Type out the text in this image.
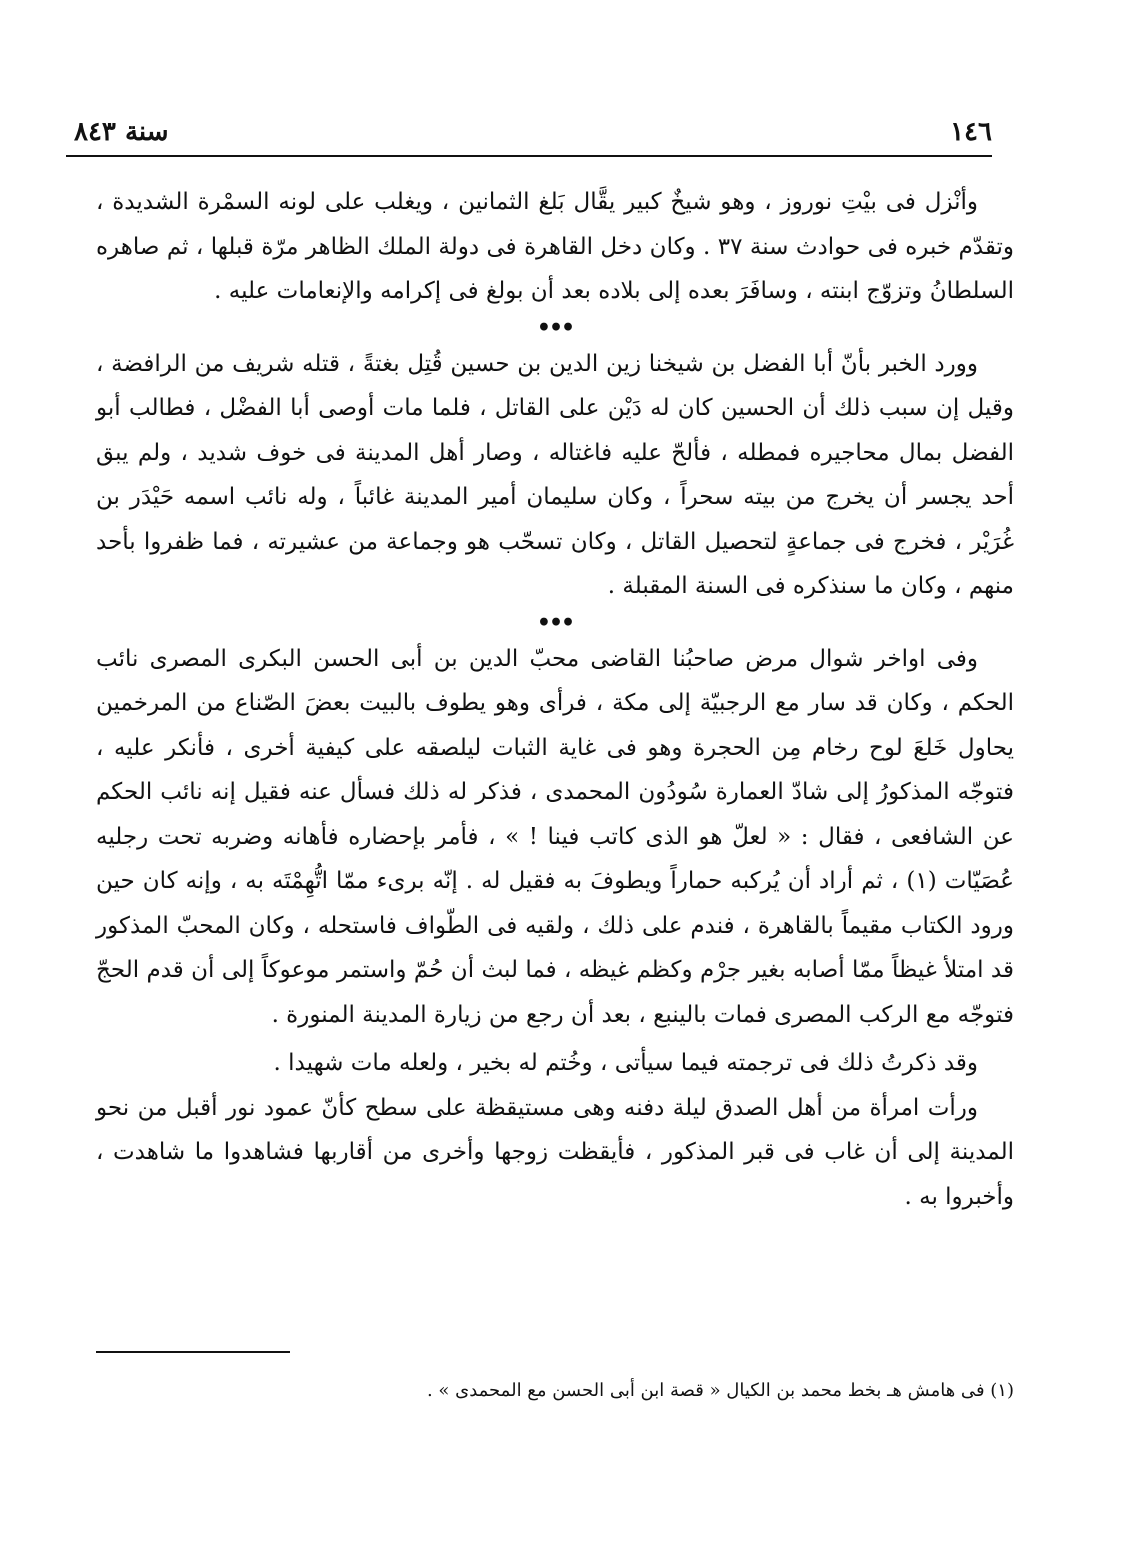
١٤٦
سنة ٨٤٣

وأنْزل فى بيْتِ نوروز ، وهو شيخٌ كبير يقَّال بَلغ الثمانين ، ويغلب على لونه السمْرة الشديدة ، وتقدّم خبره فى حوادث سنة ٣٧ . وكان دخل القاهرة فى دولة الملك الظاهر مرّة قبلها ، ثم صاهره السلطانُ وتزوّج ابنته ، وسافَرَ بعده إلى بلاده بعد أن بولغ فى إكرامه والإنعامات عليه .

•••

وورد الخبر بأنّ أبا الفضل بن شيخنا زين الدين بن حسين قُتِل بغتةً ، قتله شريف من الرافضة ، وقيل إن سبب ذلك أن الحسين كان له دَيْن على القاتل ، فلما مات أوصى أبا الفضْل ، فطالب أبو الفضل بمال محاجيره فمطله ، فألحّ عليه فاغتاله ، وصار أهل المدينة فى خوف شديد ، ولم يبق أحد يجسر أن يخرج من بيته سحراً ، وكان سليمان أمير المدينة غائباً ، وله نائب اسمه حَيْدَر بن غُرَيْر ، فخرج فى جماعةٍ لتحصيل القاتل ، وكان تسحّب هو وجماعة من عشيرته ، فما ظفروا بأحد منهم ، وكان ما سنذكره فى السنة المقبلة .

•••

وفى اواخر شوال مرض صاحبُنا القاضى محبّ الدين بن أبى الحسن البكرى المصرى نائب الحكم ، وكان قد سار مع الرجبيّة إلى مكة ، فرأى وهو يطوف بالبيت بعضَ الصّناع من المرخمين يحاول خَلعَ لوح رخام مِن الحجرة وهو فى غاية الثبات ليلصقه على كيفية أخرى ، فأنكر عليه ، فتوجّه المذكورُ إلى شادّ العمارة سُودُون المحمدى ، فذكر له ذلك فسأل عنه فقيل إنه نائب الحكم عن الشافعى ، فقال : « لعلّ هو الذى كاتب فينا ! » ، فأمر بإحضاره فأهانه وضربه تحت رجليه عُصَيّات (١) ، ثم أراد أن يُركبه حماراً ويطوفَ به فقيل له . إنّه برىء ممّا اتُّهِمْتَه به ، وإنه كان حين ورود الكتاب مقيماً بالقاهرة ، فندم على ذلك ، ولقيه فى الطّواف فاستحله ، وكان المحبّ المذكور قد امتلأ غيظاً ممّا أصابه بغير جرْم وكظم غيظه ، فما لبث أن حُمّ واستمر موعوكاً إلى أن قدم الحجّ فتوجّه مع الركب المصرى فمات بالينبع ، بعد أن رجع من زيارة المدينة المنورة .

وقد ذكرتُ ذلك فى ترجمته فيما سيأتى ، وخُتم له بخير ، ولعله مات شهيدا .

ورأت امرأة من أهل الصدق ليلة دفنه وهى مستيقظة على سطح كأنّ عمود نور أقبل من نحو المدينة إلى أن غاب فى قبر المذكور ، فأيقظت زوجها وأخرى من أقاربها فشاهدوا ما شاهدت ، وأخبروا به .

(١) فى هامش هـ بخط محمد بن الكيال « قصة ابن أبى الحسن مع المحمدى » .
